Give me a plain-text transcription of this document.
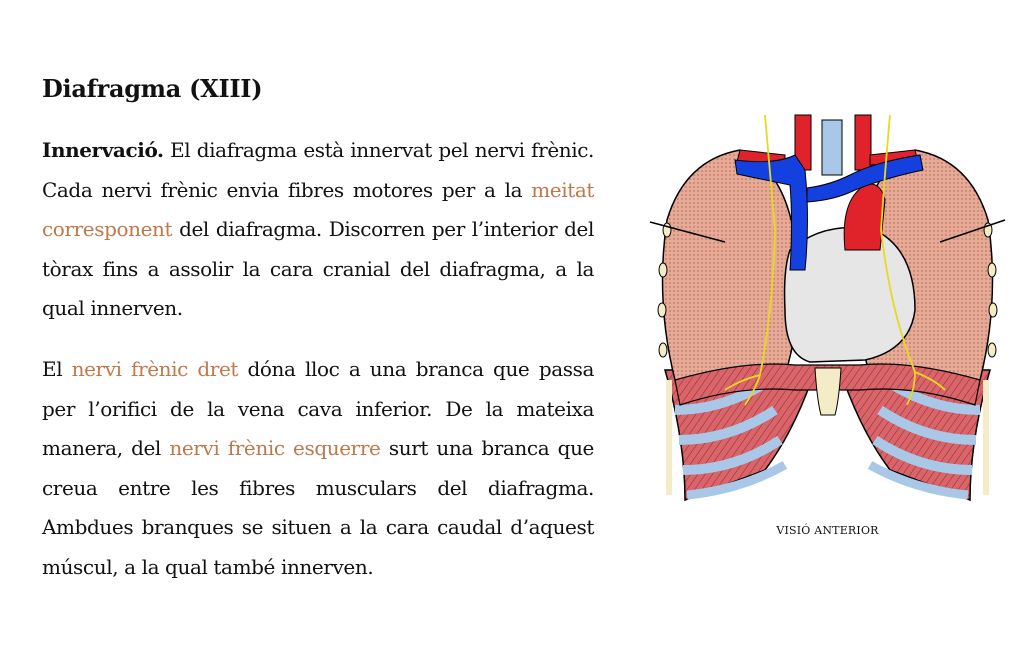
Diafragma (XIII)

Innervació. El diafragma està innervat pel nervi frènic. Cada nervi frènic envia fibres motores per a la meitat corresponent del diafragma. Discorren per l’interior del tòrax fins a assolir la cara cranial del diafragma, a la qual innerven.

El nervi frènic dret dóna lloc a una branca que passa per l’orifici de la vena cava inferior. De la mateixa manera, del nervi frènic esquerre surt una branca que creua entre les fibres musculars del diafragma. Ambdues branques se situen a la cara caudal d’aquest múscul, a la qual també innerven.

VISIÓ ANTERIOR
